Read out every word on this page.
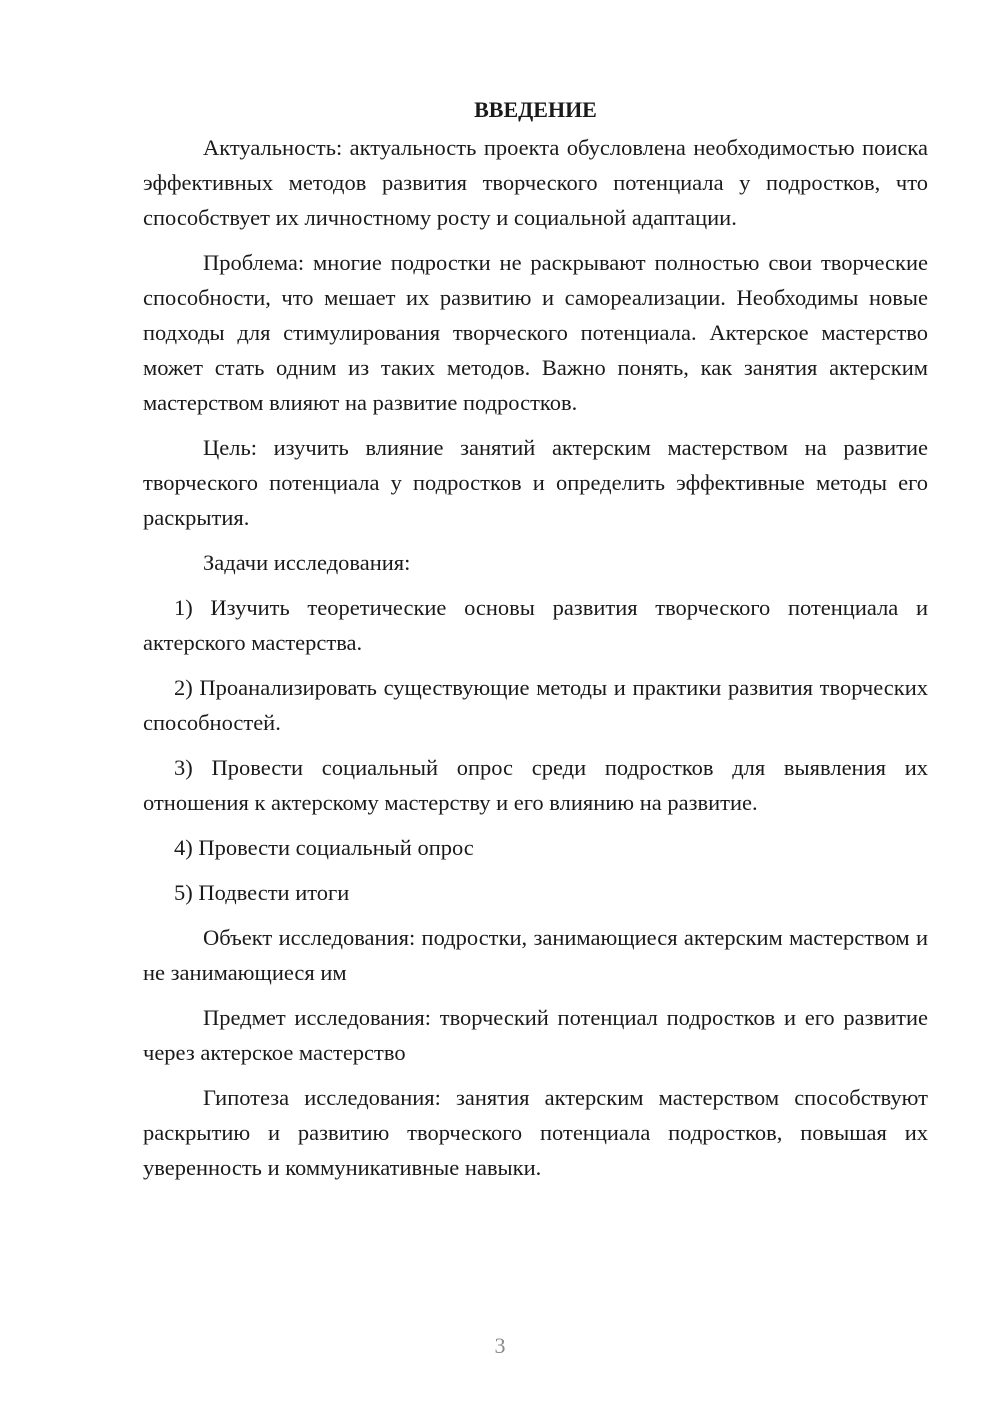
ВВЕДЕНИЕ

Актуальность: актуальность проекта обусловлена необходимостью поиска эффективных методов развития творческого потенциала у подростков, что способствует их личностному росту и социальной адаптации.

Проблема: многие подростки не раскрывают полностью свои творческие способности, что мешает их развитию и самореализации. Необходимы новые подходы для стимулирования творческого потенциала. Актерское мастерство может стать одним из таких методов. Важно понять, как занятия актерским мастерством влияют на развитие подростков.

Цель: изучить влияние занятий актерским мастерством на развитие творческого потенциала у подростков и определить эффективные методы его раскрытия.

Задачи исследования:

1) Изучить теоретические основы развития творческого потенциала и актерского мастерства.

2) Проанализировать существующие методы и практики развития творческих способностей.

3) Провести социальный опрос среди подростков для выявления их отношения к актерскому мастерству и его влиянию на развитие.

4) Провести социальный опрос

5) Подвести итоги

Объект исследования: подростки, занимающиеся актерским мастерством и не занимающиеся им

Предмет исследования: творческий потенциал подростков и его развитие через актерское мастерство

Гипотеза исследования: занятия актерским мастерством способствуют раскрытию и развитию творческого потенциала подростков, повышая их уверенность и коммуникативные навыки.

3
